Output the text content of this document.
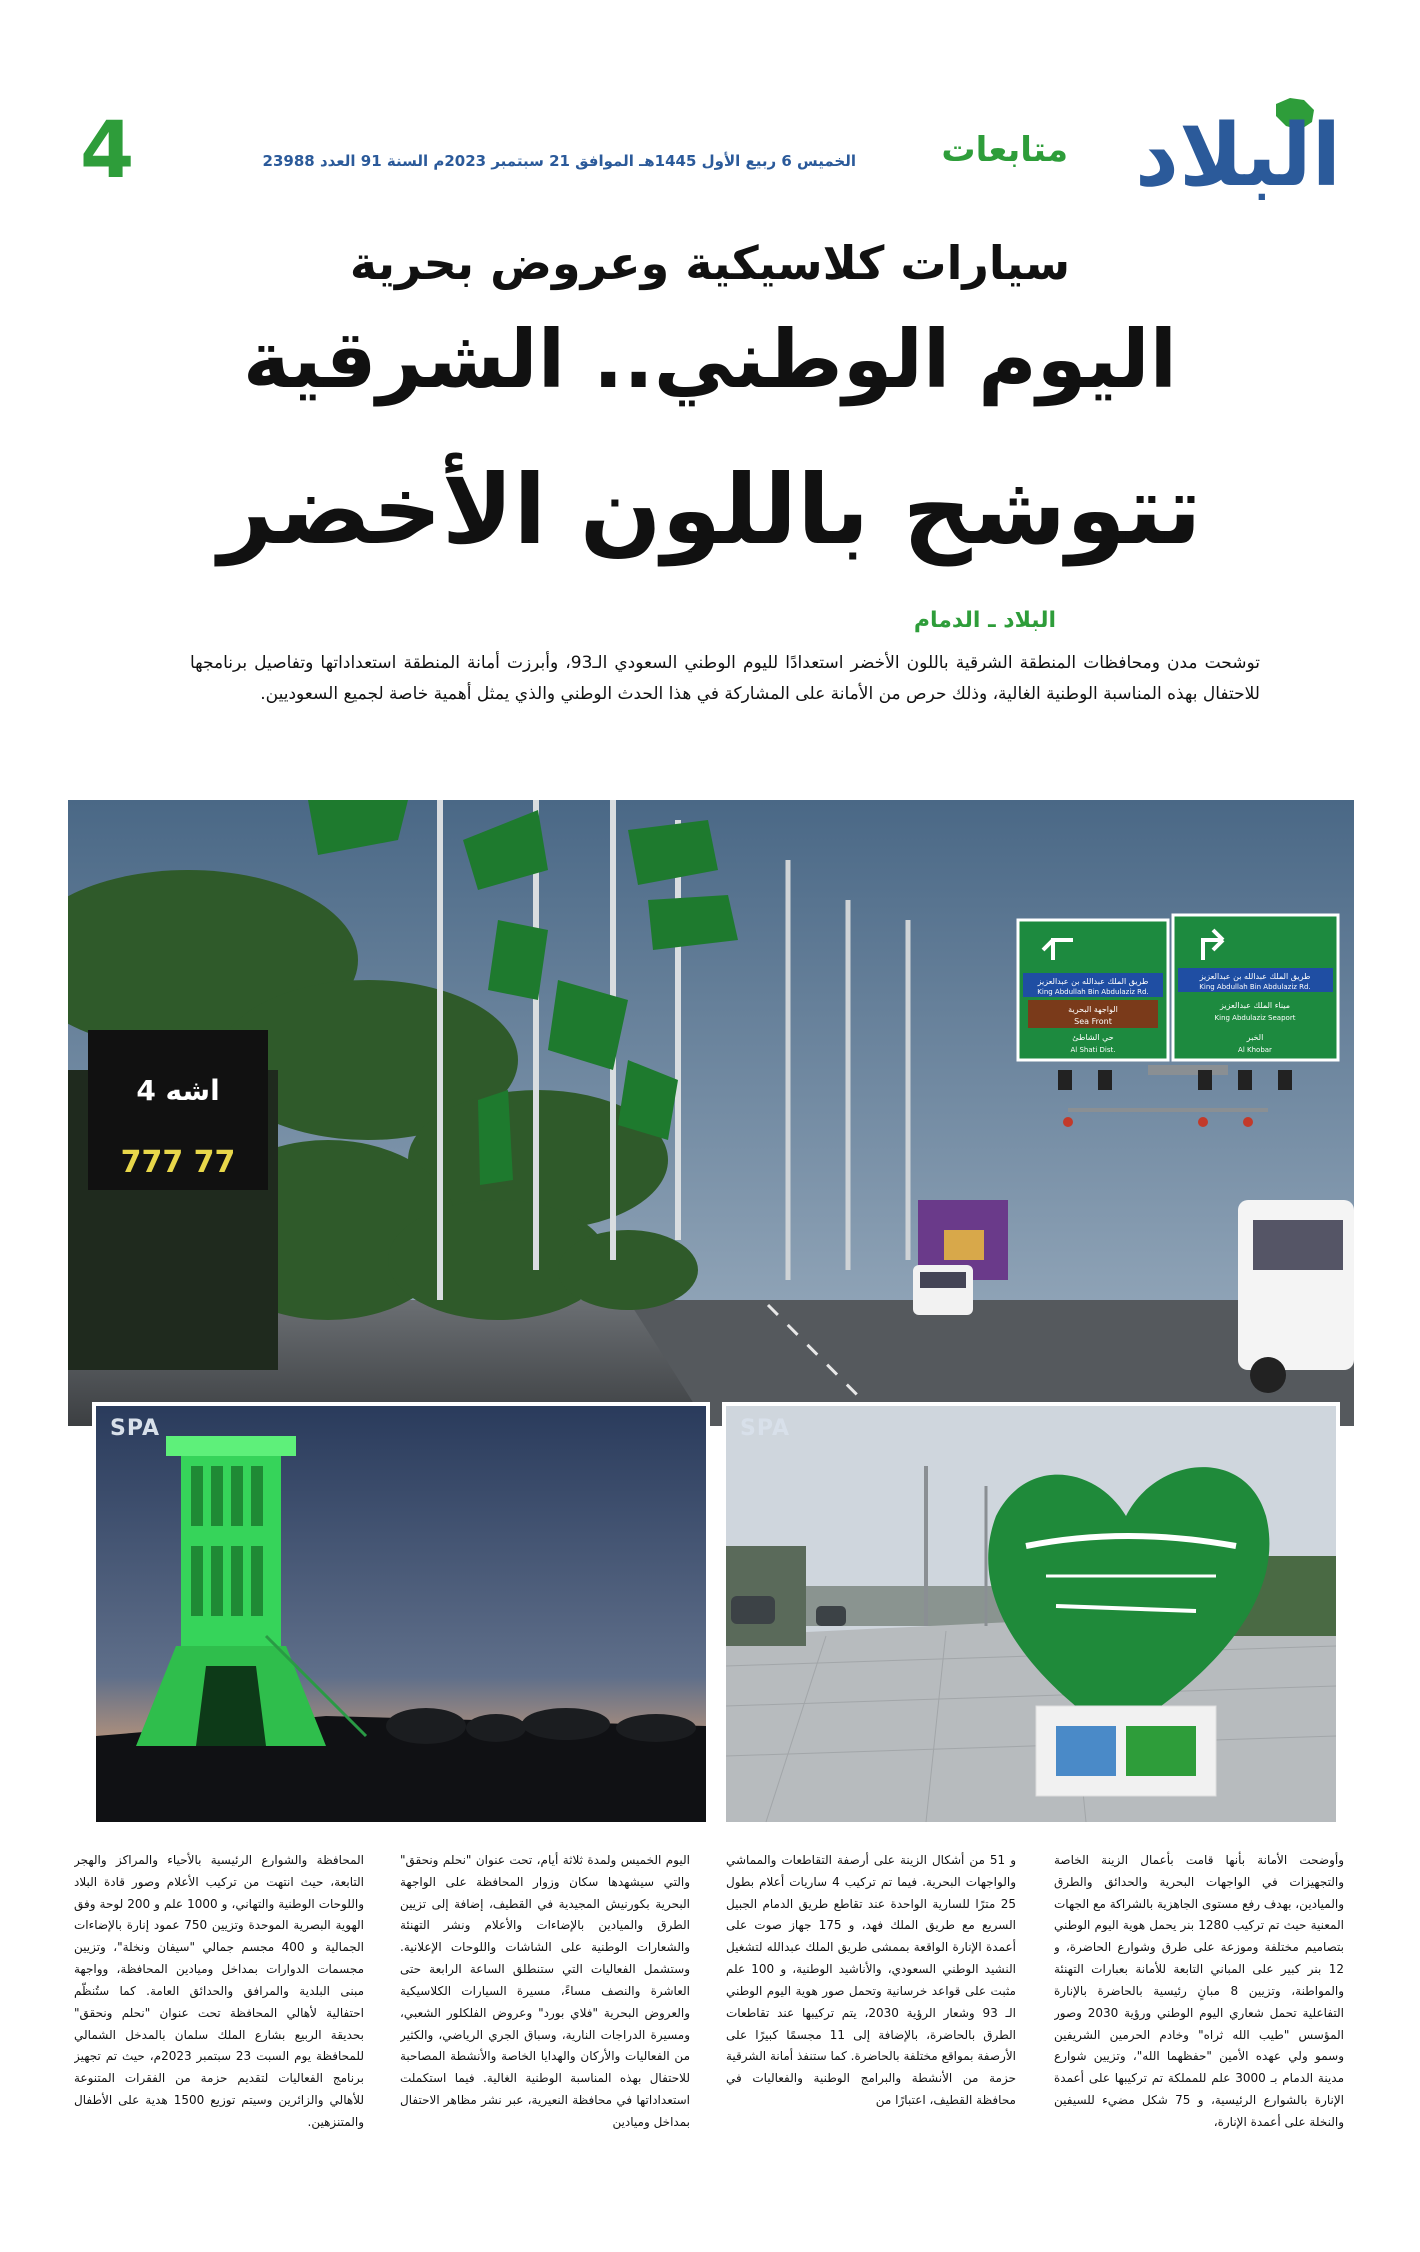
4	الخميس 6 ربيع الأول 1445هـ الموافق 21 سبتمبر 2023م السنة 91 العدد 23988	متابعات البلاد
سيارات كلاسيكية وعروض بحرية
اليوم الوطني.. الشرقية
تتوشح باللون الأخضر
البلاد ـ الدمام
توشحت مدن ومحافظات المنطقة الشرقية باللون الأخضر استعدادًا لليوم الوطني السعودي الـ93، وأبرزت أمانة المنطقة استعداداتها وتفاصيل برنامجها للاحتفال بهذه المناسبة الوطنية الغالية، وذلك حرص من الأمانة على المشاركة في هذا الحدث الوطني والذي يمثل أهمية خاصة لجميع السعوديين.
4 اشه
777 77
طريق الملك عبدالله بن عبدالعزيز
King Abdullah Bin Abdulaziz Rd.
الواجهة البحرية
Sea Front
حي الشاطئ
Al Shati Dist.
طريق الملك عبدالله بن عبدالعزيز
King Abdullah Bin Abdulaziz Rd.
ميناء الملك عبدالعزيز
King Abdulaziz Seaport
الخبر
Al Khobar
SPA	SPA
وأوضحت الأمانة بأنها قامت بأعمال الزينة الخاصة والتجهيزات في الواجهات البحرية والحدائق والطرق والميادين، بهدف رفع مستوى الجاهزية بالشراكة مع الجهات المعنية حيث تم تركيب 1280 بنر يحمل هوية اليوم الوطني بتصاميم مختلفة وموزعة على طرق وشوارع الحاضرة، و 12 بنر كبير على المباني التابعة للأمانة بعبارات التهنئة والمواطنة، وتزيين 8 مبانٍ رئيسية بالحاضرة بالإنارة التفاعلية تحمل شعاري اليوم الوطني ورؤية 2030 وصور المؤسس "طيب الله ثراه" وخادم الحرمين الشريفين وسمو ولي عهده الأمين "حفظهما الله"، وتزيين شوارع مدينة الدمام بـ 3000 علم للمملكة تم تركيبها على أعمدة الإنارة بالشوارع الرئيسية، و 75 شكل مضيء للسيفين والنخلة على أعمدة الإنارة،
و 51 من أشكال الزينة على أرصفة التقاطعات والمماشي والواجهات البحرية. فيما تم تركيب 4 ساريات أعلام بطول 25 مترًا للسارية الواحدة عند تقاطع طريق الدمام الجبيل السريع مع طريق الملك فهد، و 175 جهاز صوت على أعمدة الإنارة الواقعة بممشى طريق الملك عبدالله لتشغيل النشيد الوطني السعودي، والأناشيد الوطنية، و 100 علم مثبت على قواعد خرسانية وتحمل صور هوية اليوم الوطني الـ 93 وشعار الرؤية 2030، يتم تركيبها عند تقاطعات الطرق بالحاضرة، بالإضافة إلى 11 مجسمًا كبيرًا على الأرصفة بمواقع مختلفة بالحاضرة. كما ستنفذ أمانة الشرقية حزمة من الأنشطة والبرامج الوطنية والفعاليات في محافظة القطيف، اعتبارًا من
اليوم الخميس ولمدة ثلاثة أيام، تحت عنوان "نحلم ونحقق" والتي سيشهدها سكان وزوار المحافظة على الواجهة البحرية بكورنيش المجيدية في القطيف، إضافة إلى تزيين الطرق والميادين بالإضاءات والأعلام ونشر التهنئة والشعارات الوطنية على الشاشات واللوحات الإعلانية. وستشمل الفعاليات التي ستنطلق الساعة الرابعة حتى العاشرة والنصف مساءً، مسيرة السيارات الكلاسيكية والعروض البحرية "فلاي بورد" وعروض الفلكلور الشعبي، ومسيرة الدراجات النارية، وسباق الجري الرياضي، والكثير من الفعاليات والأركان والهدايا الخاصة والأنشطة المصاحبة للاحتفال بهذه المناسبة الوطنية الغالية. فيما استكملت استعداداتها في محافظة النعيرية، عبر نشر مظاهر الاحتفال بمداخل وميادين
المحافظة والشوارع الرئيسية بالأحياء والمراكز والهجر التابعة، حيث انتهت من تركيب الأعلام وصور قادة البلاد واللوحات الوطنية والتهاني، و 1000 علم و 200 لوحة وفق الهوية البصرية الموحدة وتزيين 750 عمود إنارة بالإضاءات الجمالية و 400 مجسم جمالي "سيفان ونخلة"، وتزيين مجسمات الدوارات بمداخل وميادين المحافظة، وواجهة مبنى البلدية والمرافق والحدائق العامة. كما ستُنظّم احتفالية لأهالي المحافظة تحت عنوان "نحلم ونحقق" بحديقة الربيع بشارع الملك سلمان بالمدخل الشمالي للمحافظة يوم السبت 23 سبتمبر 2023م، حيث تم تجهيز برنامج الفعاليات لتقديم حزمة من الفقرات المتنوعة للأهالي والزائرين وسيتم توزيع 1500 هدية على الأطفال والمتنزهين.
